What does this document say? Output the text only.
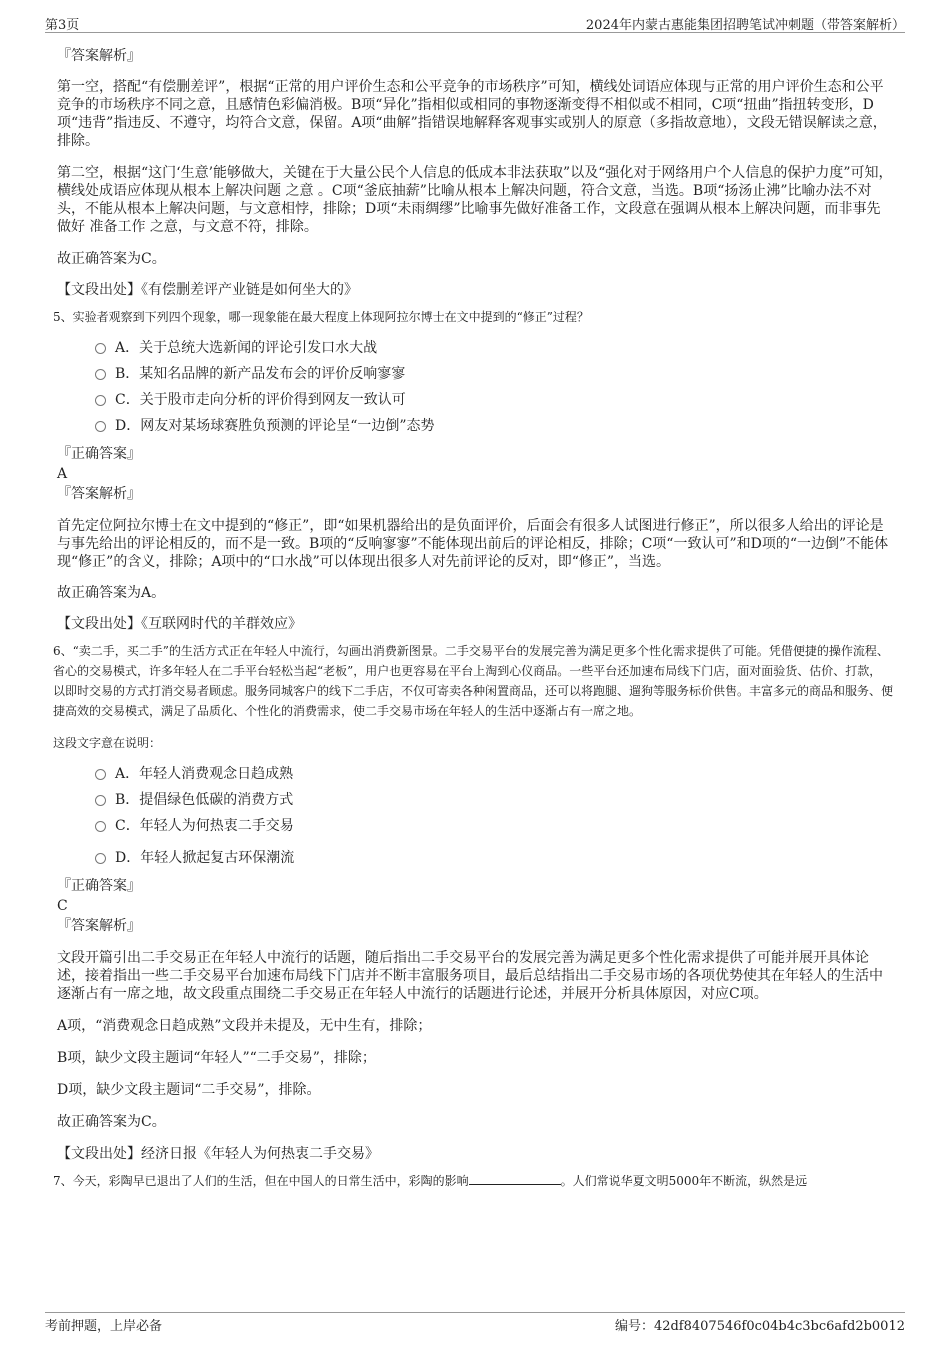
第3页	2024年内蒙古惠能集团招聘笔试冲刺题（带答案解析）

『答案解析』

第一空，搭配“有偿删差评”，根据“正常的用户评价生态和公平竞争的市场秩序”可知，横线处词语应体现与正常的用户评价生态和公平竞争的市场秩序不同之意，且感情色彩偏消极。B项“异化”指相似或相同的事物逐渐变得不相似或不相同，C项“扭曲”指扭转变形，D项“违背”指违反、不遵守，均符合文意，保留。A项“曲解”指错误地解释客观事实或别人的原意（多指故意地），文段无错误解读之意，排除。

第二空，根据“这门‘生意’能够做大，关键在于大量公民个人信息的低成本非法获取”以及“强化对于网络用户个人信息的保护力度”可知，横线处成语应体现从根本上解决问题 之意 。C项“釜底抽薪”比喻从根本上解决问题，符合文意，当选。B项“扬汤止沸”比喻办法不对头，不能从根本上解决问题，与文意相悖，排除；D项“未雨绸缪”比喻事先做好准备工作，文段意在强调从根本上解决问题，而非事先做好 准备工作 之意，与文意不符，排除。

故正确答案为C。

【文段出处】《有偿删差评产业链是如何坐大的》

5、实验者观察到下列四个现象，哪一现象能在最大程度上体现阿拉尔博士在文中提到的“修正”过程？

A．关于总统大选新闻的评论引发口水大战
B．某知名品牌的新产品发布会的评价反响寥寥
C．关于股市走向分析的评价得到网友一致认可
D．网友对某场球赛胜负预测的评论呈“一边倒”态势

『正确答案』

A

『答案解析』

首先定位阿拉尔博士在文中提到的“修正”，即“如果机器给出的是负面评价，后面会有很多人试图进行修正”，所以很多人给出的评论是与事先给出的评论相反的，而不是一致。B项的“反响寥寥”不能体现出前后的评论相反，排除；C项“一致认可”和D项的“一边倒”不能体现“修正”的含义，排除；A项中的“口水战”可以体现出很多人对先前评论的反对，即“修正”，当选。

故正确答案为A。

【文段出处】《互联网时代的羊群效应》

6、“卖二手，买二手”的生活方式正在年轻人中流行，勾画出消费新图景。二手交易平台的发展完善为满足更多个性化需求提供了可能。凭借便捷的操作流程、省心的交易模式，许多年轻人在二手平台轻松当起“老板”，用户也更容易在平台上淘到心仪商品。一些平台还加速布局线下门店，面对面验货、估价、打款，以即时交易的方式打消交易者顾虑。服务同城客户的线下二手店，不仅可寄卖各种闲置商品，还可以将跑腿、遛狗等服务标价供售。丰富多元的商品和服务、便捷高效的交易模式，满足了品质化、个性化的消费需求，使二手交易市场在年轻人的生活中逐渐占有一席之地。

这段文字意在说明：

A．年轻人消费观念日趋成熟
B．提倡绿色低碳的消费方式
C．年轻人为何热衷二手交易
D．年轻人掀起复古环保潮流

『正确答案』

C

『答案解析』

文段开篇引出二手交易正在年轻人中流行的话题，随后指出二手交易平台的发展完善为满足更多个性化需求提供了可能并展开具体论述，接着指出一些二手交易平台加速布局线下门店并不断丰富服务项目，最后总结指出二手交易市场的各项优势使其在年轻人的生活中逐渐占有一席之地，故文段重点围绕二手交易正在年轻人中流行的话题进行论述，并展开分析具体原因，对应C项。

A项，“消费观念日趋成熟”文段并未提及，无中生有，排除；

B项，缺少文段主题词“年轻人”“二手交易”，排除；

D项，缺少文段主题词“二手交易”，排除。

故正确答案为C。

【文段出处】经济日报《年轻人为何热衷二手交易》

7、今天，彩陶早已退出了人们的生活，但在中国人的日常生活中，彩陶的影响	。人们常说华夏文明5000年不断流，纵然是远

考前押题，上岸必备	编号：42df8407546f0c04b4c3bc6afd2b0012
